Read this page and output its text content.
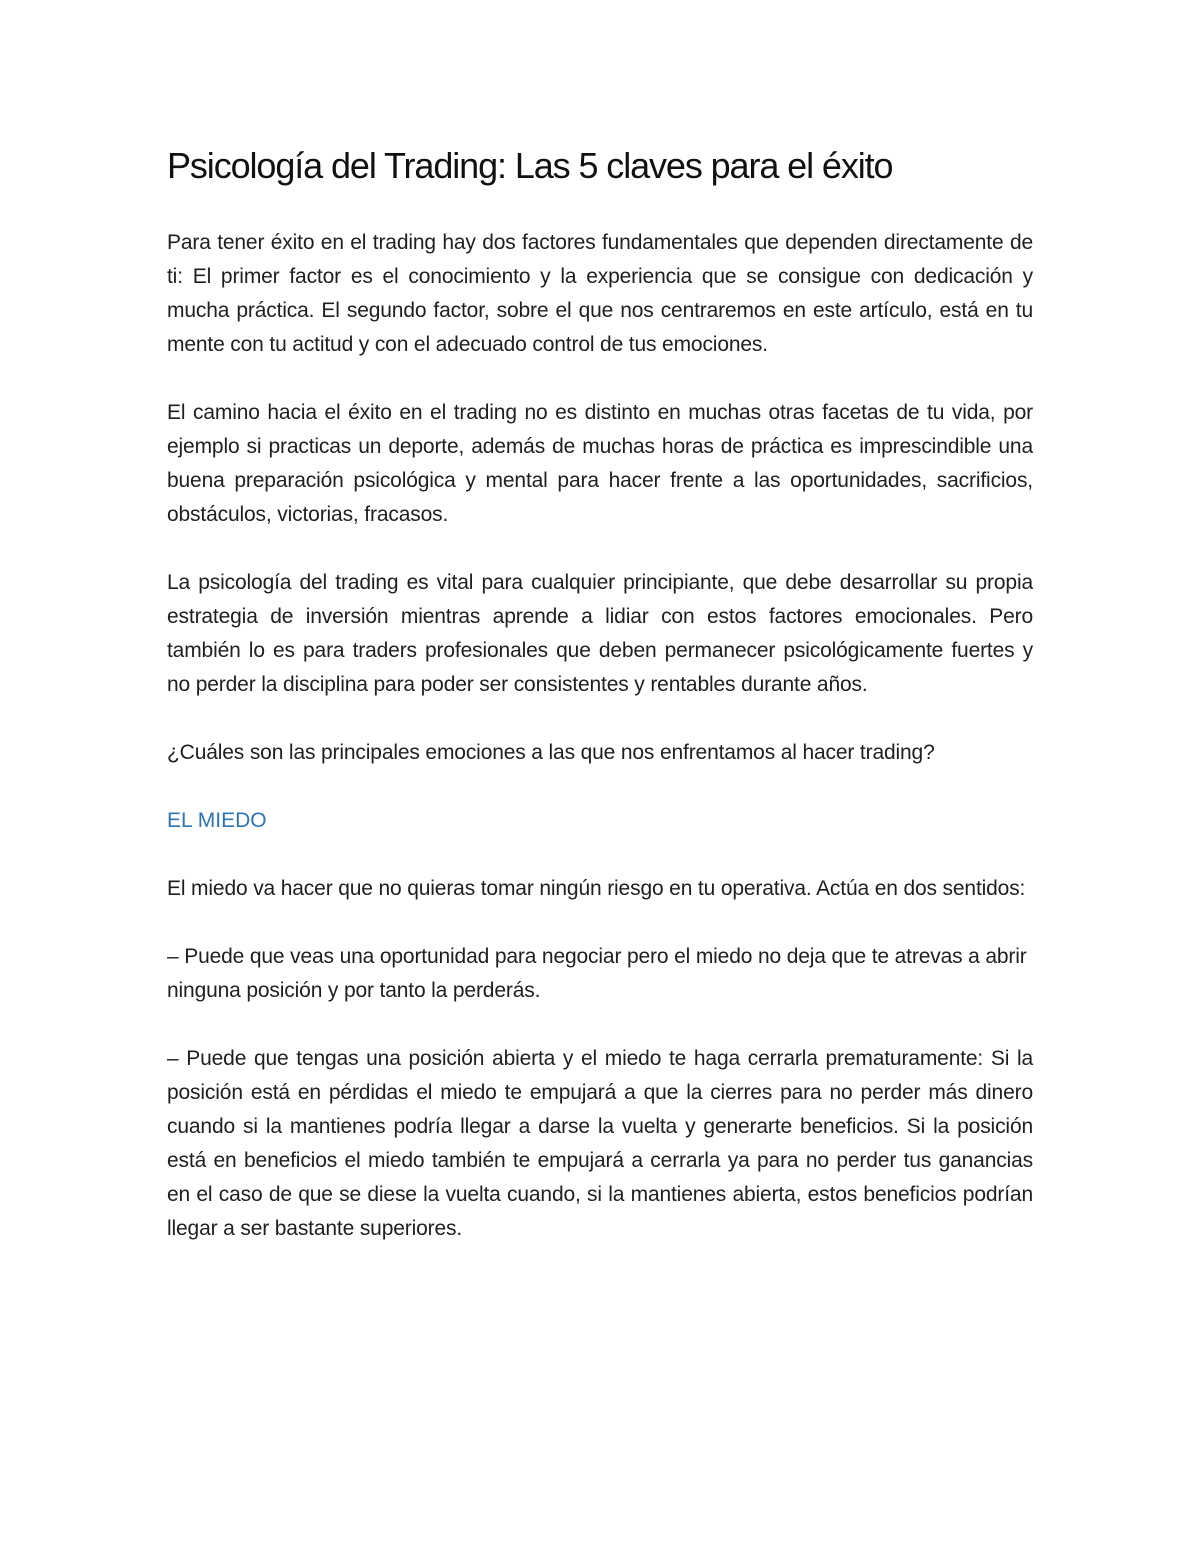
Psicología del Trading: Las 5 claves para el éxito

Para tener éxito en el trading hay dos factores fundamentales que dependen directamente de ti: El primer factor es el conocimiento y la experiencia que se consigue con dedicación y mucha práctica. El segundo factor, sobre el que nos centraremos en este artículo, está en tu mente con tu actitud y con el adecuado control de tus emociones.

El camino hacia el éxito en el trading no es distinto en muchas otras facetas de tu vida, por ejemplo si practicas un deporte, además de muchas horas de práctica es imprescindible una buena preparación psicológica y mental para hacer frente a las oportunidades, sacrificios, obstáculos, victorias, fracasos.

La psicología del trading es vital para cualquier principiante, que debe desarrollar su propia estrategia de inversión mientras aprende a lidiar con estos factores emocionales. Pero también lo es para traders profesionales que deben permanecer psicológicamente fuertes y no perder la disciplina para poder ser consistentes y rentables durante años.

¿Cuáles son las principales emociones a las que nos enfrentamos al hacer trading?

EL MIEDO

El miedo va hacer que no quieras tomar ningún riesgo en tu operativa. Actúa en dos sentidos:

– Puede que veas una oportunidad para negociar pero el miedo no deja que te atrevas a abrir ninguna posición y por tanto la perderás.

– Puede que tengas una posición abierta y el miedo te haga cerrarla prematuramente: Si la posición está en pérdidas el miedo te empujará a que la cierres para no perder más dinero cuando si la mantienes podría llegar a darse la vuelta y generarte beneficios. Si la posición está en beneficios el miedo también te empujará a cerrarla ya para no perder tus ganancias en el caso de que se diese la vuelta cuando, si la mantienes abierta, estos beneficios podrían llegar a ser bastante superiores.
